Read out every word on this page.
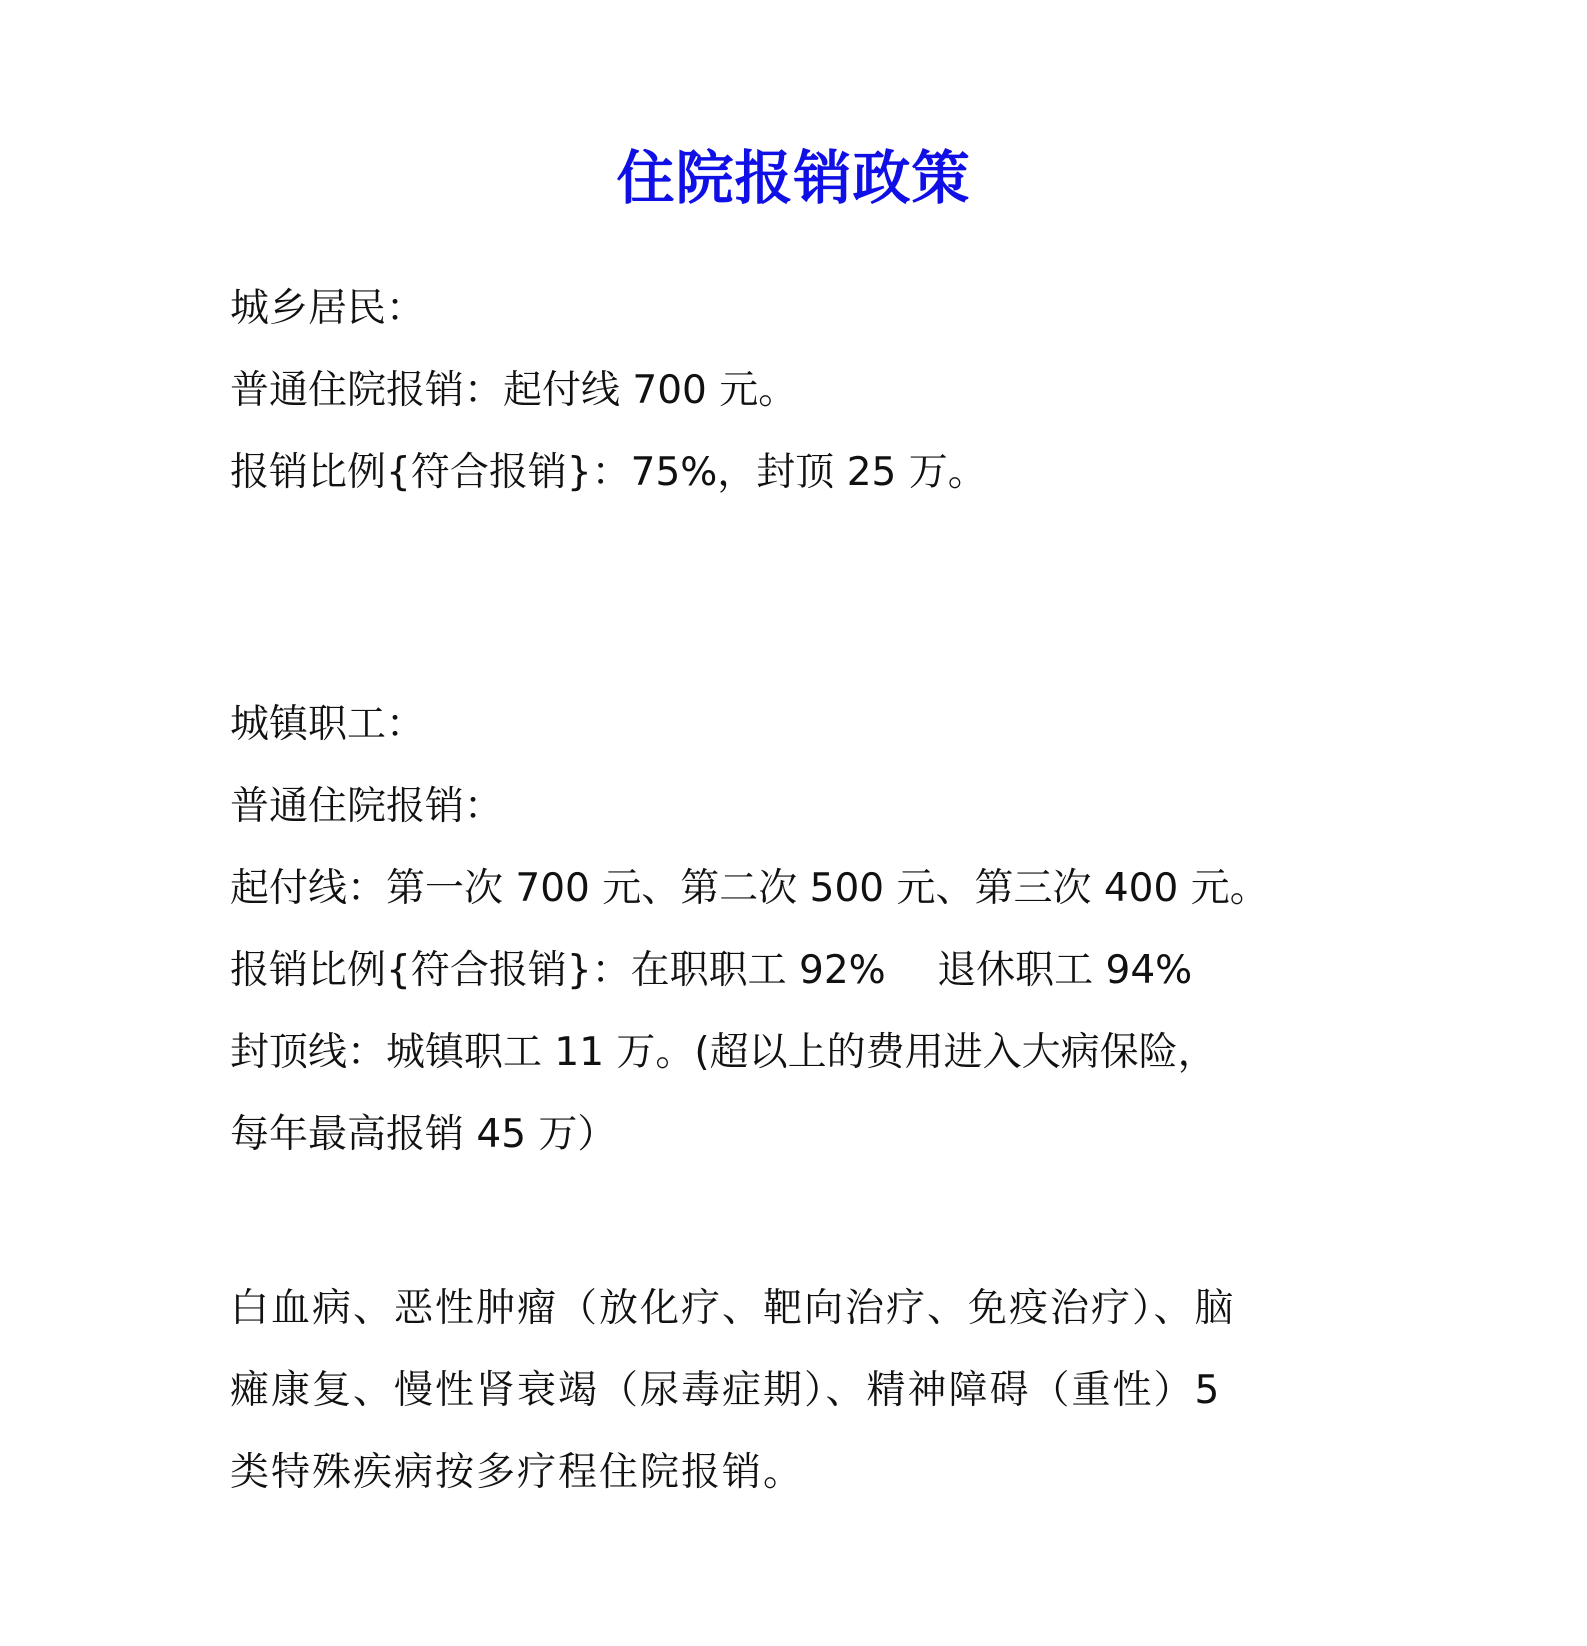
住院报销政策
城乡居民：
普通住院报销：起付线 700 元。
报销比例{符合报销}：75%，封顶 25 万。
城镇职工：
普通住院报销：
起付线：第一次 700 元、第二次 500 元、第三次 400 元。
报销比例{符合报销}：在职职工 92%　 退休职工 94%
封顶线：城镇职工 11 万。(超以上的费用进入大病保险，
每年最高报销 45 万）
白血病、恶性肿瘤（放化疗、靶向治疗、免疫治疗）、脑
瘫康复、慢性肾衰竭（尿毒症期）、精神障碍（重性）5
类特殊疾病按多疗程住院报销。
